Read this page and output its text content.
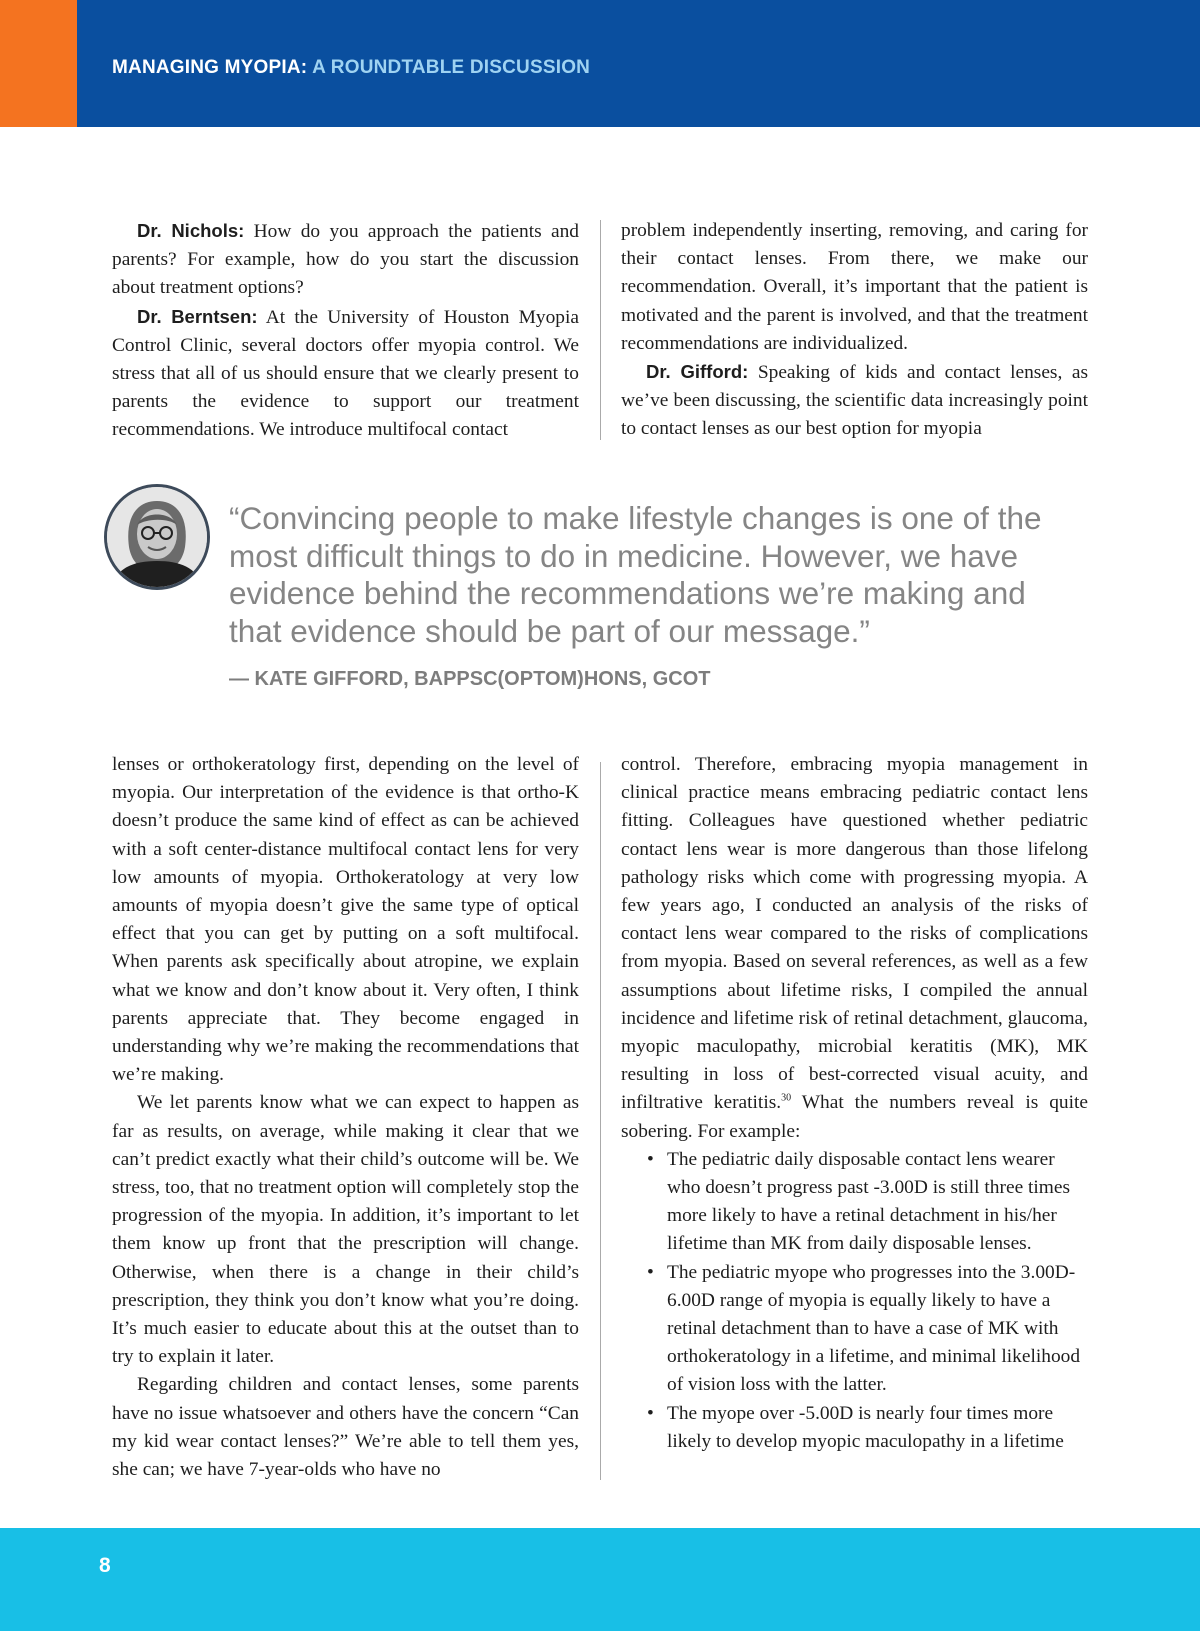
MANAGING MYOPIA: A ROUNDTABLE DISCUSSION

Dr. Nichols: How do you approach the patients and parents? For example, how do you start the discussion about treatment options?

Dr. Berntsen: At the University of Houston Myopia Control Clinic, several doctors offer myopia control. We stress that all of us should ensure that we clearly present to parents the evidence to support our treatment recommendations. We introduce multifocal contact

problem independently inserting, removing, and caring for their contact lenses. From there, we make our recommendation. Overall, it’s important that the patient is motivated and the parent is involved, and that the treatment recommendations are individualized.

Dr. Gifford: Speaking of kids and contact lenses, as we’ve been discussing, the scientific data increasingly point to contact lenses as our best option for myopia

“Convincing people to make lifestyle changes is one of the most difficult things to do in medicine. However, we have evidence behind the recommendations we’re making and that evidence should be part of our message.”
— KATE GIFFORD, BAPPSC(OPTOM)HONS, GCOT

lenses or orthokeratology first, depending on the level of myopia. Our interpretation of the evidence is that ortho-K doesn’t produce the same kind of effect as can be achieved with a soft center-distance multifocal contact lens for very low amounts of myopia. Orthokeratology at very low amounts of myopia doesn’t give the same type of optical effect that you can get by putting on a soft multifocal. When parents ask specifically about atropine, we explain what we know and don’t know about it. Very often, I think parents appreciate that. They become engaged in understanding why we’re making the recommendations that we’re making.

We let parents know what we can expect to happen as far as results, on average, while making it clear that we can’t predict exactly what their child’s outcome will be. We stress, too, that no treatment option will completely stop the progression of the myopia. In addition, it’s important to let them know up front that the prescription will change. Otherwise, when there is a change in their child’s prescription, they think you don’t know what you’re doing. It’s much easier to educate about this at the outset than to try to explain it later.

Regarding children and contact lenses, some parents have no issue whatsoever and others have the concern “Can my kid wear contact lenses?” We’re able to tell them yes, she can; we have 7-year-olds who have no

control. Therefore, embracing myopia management in clinical practice means embracing pediatric contact lens fitting. Colleagues have questioned whether pediatric contact lens wear is more dangerous than those lifelong pathology risks which come with progressing myopia. A few years ago, I conducted an analysis of the risks of contact lens wear compared to the risks of complications from myopia. Based on several references, as well as a few assumptions about lifetime risks, I compiled the annual incidence and lifetime risk of retinal detachment, glaucoma, myopic maculopathy, microbial keratitis (MK), MK resulting in loss of best-corrected visual acuity, and infiltrative keratitis.$^{30}$ What the numbers reveal is quite sobering. For example:

• The pediatric daily disposable contact lens wearer who doesn’t progress past -3.00D is still three times more likely to have a retinal detachment in his/her lifetime than MK from daily disposable lenses.
• The pediatric myope who progresses into the 3.00D-6.00D range of myopia is equally likely to have a retinal detachment than to have a case of MK with orthokeratology in a lifetime, and minimal likelihood of vision loss with the latter.
• The myope over -5.00D is nearly four times more likely to develop myopic maculopathy in a lifetime
8
